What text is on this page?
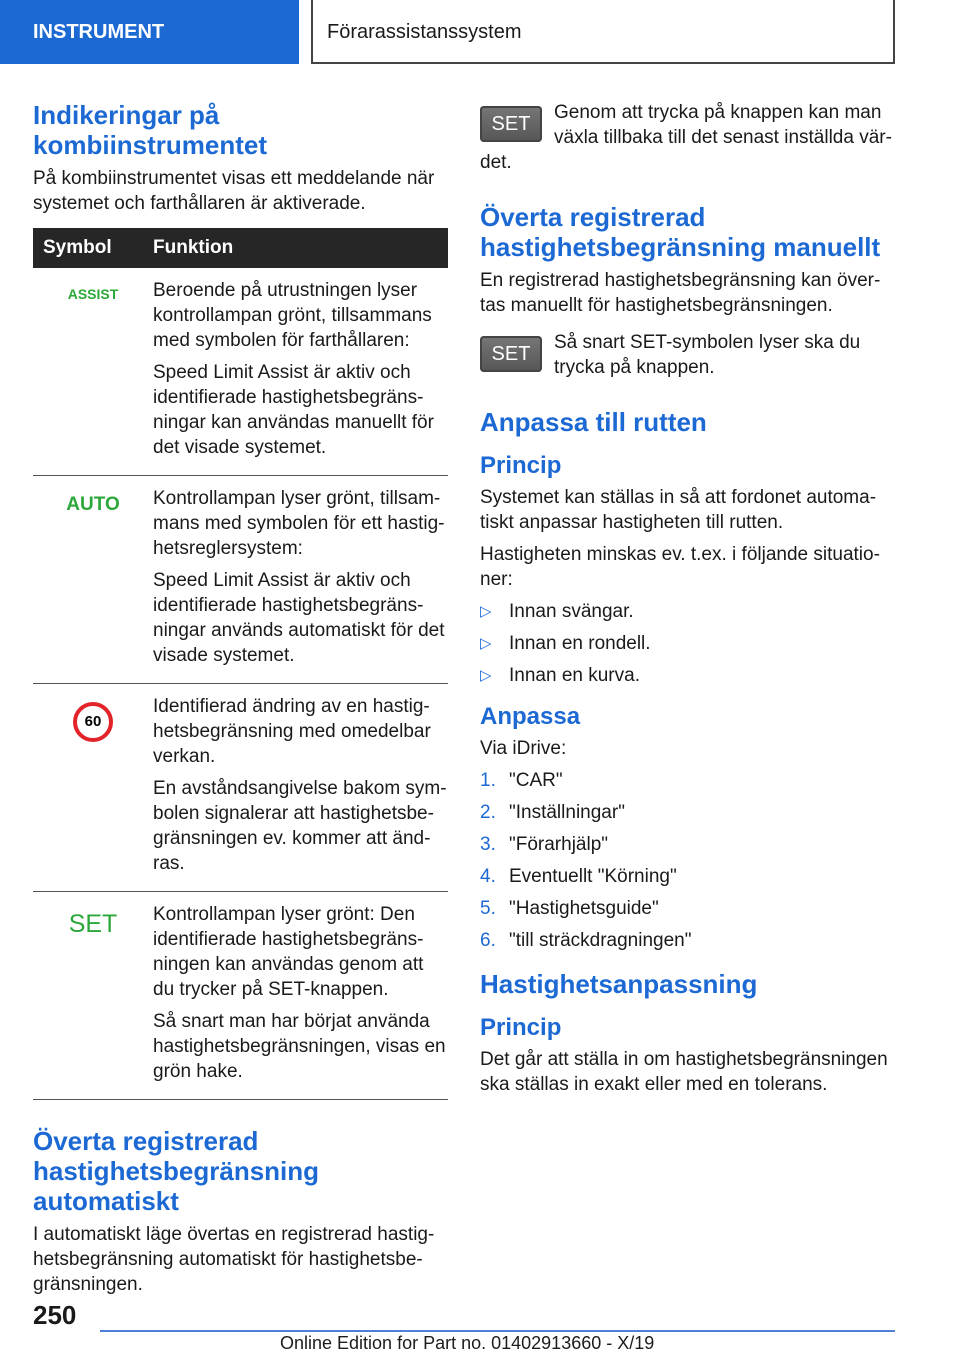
INSTRUMENT	Förarassistanssystem
Indikeringar på kombiinstrumentet

På kombiinstrumentet visas ett meddelande när systemet och farthållaren är aktiverade.

Symbol	Funktion
ASSIST	Beroende på utrustningen lyser kontrollampan grönt, tillsammans med symbolen för farthållaren:

Speed Limit Assist är aktiv och identifierade hastighetsbegränsningar kan användas manuellt för det visade systemet.

AUTO	Kontrollampan lyser grönt, tillsammans med symbolen för ett hastighetsreglersystem:

Speed Limit Assist är aktiv och identifierade hastighetsbegränsningar används automatiskt för det visade systemet.

60	Identifierad ändring av en hastighetsbegränsning med omedelbar verkan.

En avståndsangivelse bakom symbolen signalerar att hastighetsbegränsningen ev. kommer att ändras.

SET	Kontrollampan lyser grönt: Den identifierade hastighetsbegränsningen kan användas genom att du trycker på SET-knappen.

Så snart man har börjat använda hastighetsbegränsningen, visas en grön hake.

Överta registrerad hastighetsbegränsning automatiskt

I automatiskt läge övertas en registrerad hastighetsbegränsning automatiskt för hastighetsbegränsningen.

SET

Genom att trycka på knappen kan man växla tillbaka till det senast inställda värdet.

Överta registrerad hastighetsbegränsning manuellt

En registrerad hastighetsbegränsning kan övertas manuellt för hastighetsbegränsningen.

SET

Så snart SET-symbolen lyser ska du trycka på knappen.

Anpassa till rutten
Princip

Systemet kan ställas in så att fordonet automatiskt anpassar hastigheten till rutten.

Hastigheten minskas ev. t.ex. i följande situationer:

▷ Innan svängar.
▷ Innan en rondell.
▷ Innan en kurva.
Anpassa

Via iDrive:

1. "CAR"
2. "Inställningar"
3. "Förarhjälp"
4. Eventuellt "Körning"
5. "Hastighetsguide"
6. "till sträckdragningen"
Hastighetsanpassning
Princip

Det går att ställa in om hastighetsbegränsningen ska ställas in exakt eller med en tolerans.

250
Online Edition for Part no. 01402913660 - X/19
